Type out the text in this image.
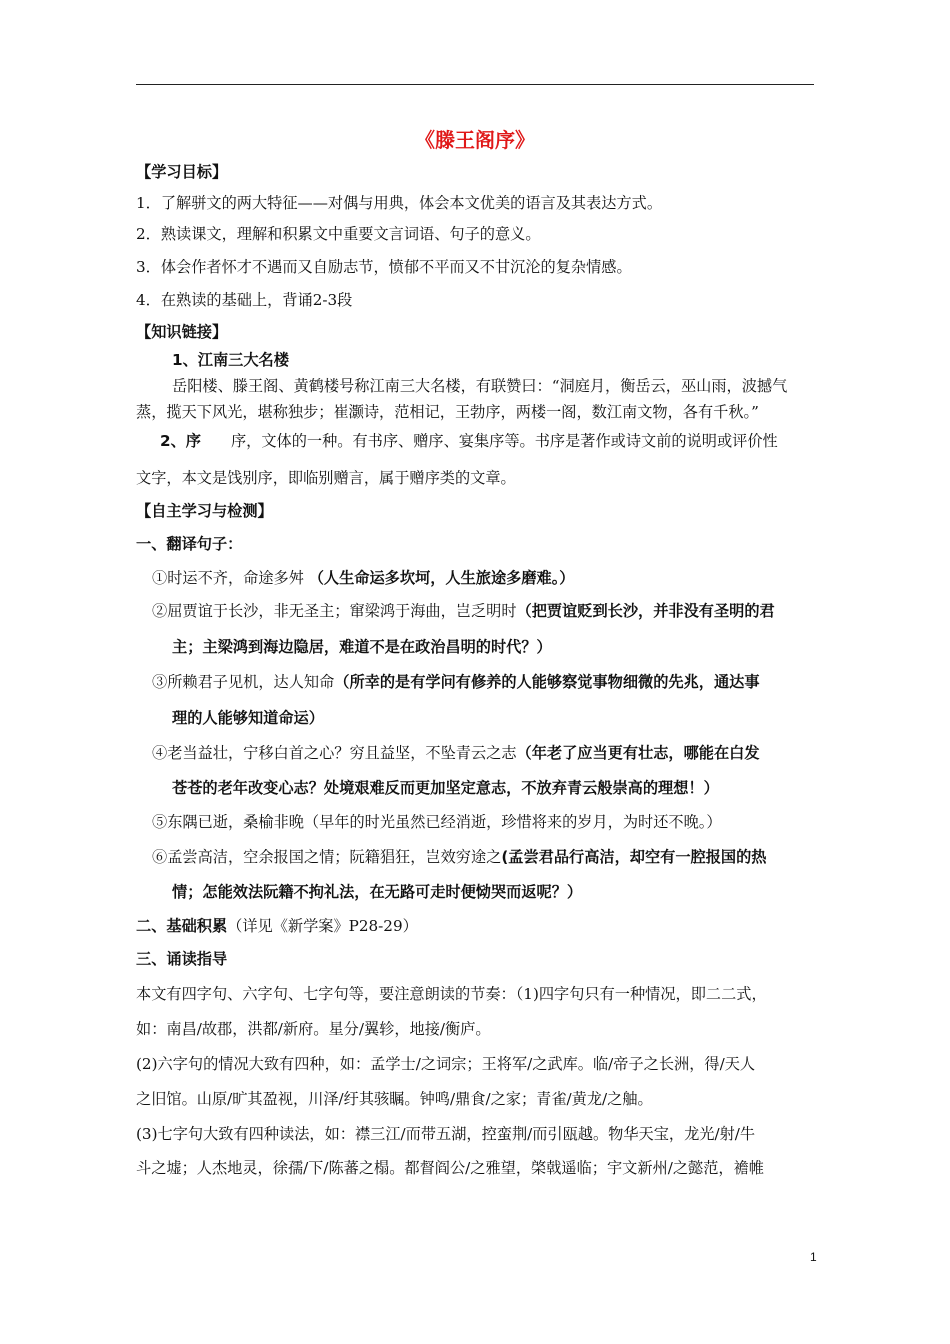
《滕王阁序》
【学习目标】
1．了解骈文的两大特征——对偶与用典，体会本文优美的语言及其表达方式。
2．熟读课文，理解和积累文中重要文言词语、句子的意义。
3．体会作者怀才不遇而又自励志节，愤郁不平而又不甘沉沦的复杂情感。
4．在熟读的基础上，背诵2-3段
【知识链接】
1、江南三大名楼
岳阳楼、滕王阁、黄鹤楼号称江南三大名楼，有联赞曰：“洞庭月，衡岳云，巫山雨，波撼气
蒸，揽天下风光，堪称独步；崔灏诗，范相记，王勃序，两楼一阁，数江南文物，各有千秋。”
2、序 序，文体的一种。有书序、赠序、宴集序等。书序是著作或诗文前的说明或评价性
文字，本文是饯别序，即临别赠言，属于赠序类的文章。
【自主学习与检测】
一、翻译句子：
①时运不齐，命途多舛 （人生命运多坎坷，人生旅途多磨难。）
②屈贾谊于长沙，非无圣主；窜梁鸿于海曲，岂乏明时（把贾谊贬到长沙，并非没有圣明的君
主；主梁鸿到海边隐居，难道不是在政治昌明的时代？）
③所赖君子见机，达人知命（所幸的是有学问有修养的人能够察觉事物细微的先兆，通达事
理的人能够知道命运）
④老当益壮，宁移白首之心？穷且益坚，不坠青云之志（年老了应当更有壮志，哪能在白发
苍苍的老年改变心志？处境艰难反而更加坚定意志，不放弃青云般崇高的理想！）
⑤东隅已逝，桑榆非晚（早年的时光虽然已经消逝，珍惜将来的岁月，为时还不晚。）
⑥孟尝高洁，空余报国之情；阮籍猖狂，岂效穷途之(孟尝君品行高洁，却空有一腔报国的热
情；怎能效法阮籍不拘礼法，在无路可走时便恸哭而返呢？）
二、基础积累（详见《新学案》P28-29）
三、诵读指导
本文有四字句、六字句、七字句等，要注意朗读的节奏：（1)四字句只有一种情况，即二二式，
如：南昌/故郡，洪都/新府。星分/翼轸，地接/衡庐。
(2)六字句的情况大致有四种，如：孟学士/之词宗；王将军/之武库。临/帝子之长洲，得/天人
之旧馆。山原/旷其盈视，川泽/纡其骇瞩。钟鸣/鼎食/之家；青雀/黄龙/之舳。
(3)七字句大致有四种读法，如：襟三江/而带五湖，控蛮荆/而引瓯越。物华天宝，龙光/射/牛
斗之墟；人杰地灵，徐孺/下/陈蕃之榻。都督阎公/之雅望，棨戟遥临；宇文新州/之懿范，襜帷
1
